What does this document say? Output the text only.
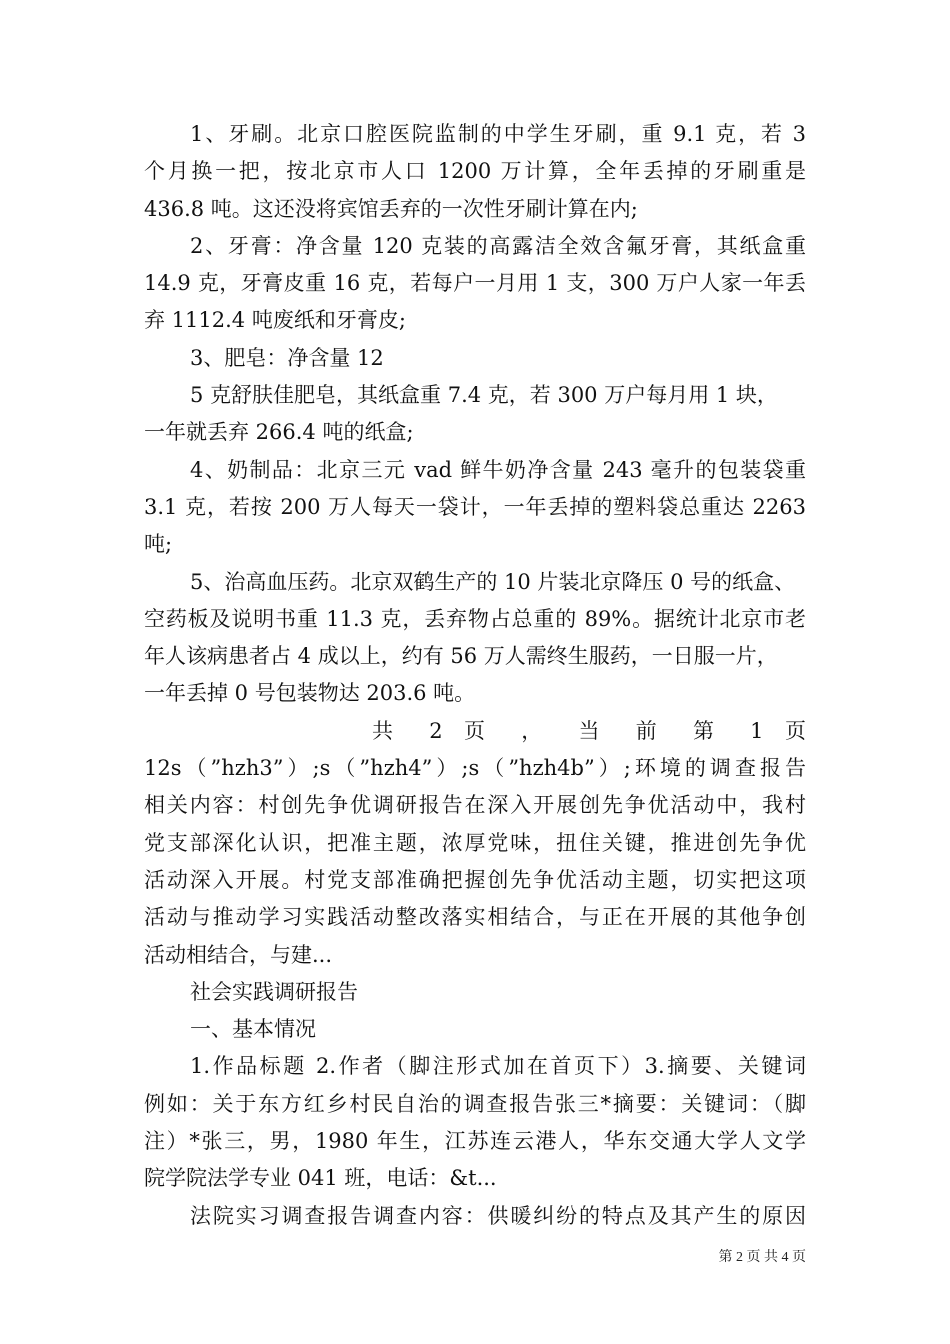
1、牙刷。北京口腔医院监制的中学生牙刷，重 9.1 克，若 3
个月换一把，按北京市人口 1200 万计算，全年丢掉的牙刷重是
436.8 吨。这还没将宾馆丢弃的一次性牙刷计算在内;
2、牙膏：净含量 120 克装的高露洁全效含氟牙膏，其纸盒重
14.9 克，牙膏皮重 16 克，若每户一月用 1 支，300 万户人家一年丢
弃 1112.4 吨废纸和牙膏皮;
3、肥皂：净含量 12
5 克舒肤佳肥皂，其纸盒重 7.4 克，若 300 万户每月用 1 块，
一年就丢弃 266.4 吨的纸盒;
4、奶制品：北京三元 vad 鲜牛奶净含量 243 毫升的包装袋重
3.1 克，若按 200 万人每天一袋计，一年丢掉的塑料袋总重达 2263
吨;
5、治高血压药。北京双鹤生产的 10 片装北京降压 0 号的纸盒、
空药板及说明书重 11.3 克，丢弃物占总重的 89%。据统计北京市老
年人该病患者占 4 成以上，约有 56 万人需终生服药，一日服一片，
一年丢掉 0 号包装物达 203.6 吨。
共 2 页 ， 当 前 第 1 页
12s（”hzh3”）;s（”hzh4”）;s（”hzh4b”）;环境的调查报告
相关内容：村创先争优调研报告在深入开展创先争优活动中，我村
党支部深化认识，把准主题，浓厚党味，扭住关键，推进创先争优
活动深入开展。村党支部准确把握创先争优活动主题，切实把这项
活动与推动学习实践活动整改落实相结合，与正在开展的其他争创
活动相结合，与建...
社会实践调研报告
一、基本情况
1.作品标题 2.作者（脚注形式加在首页下）3.摘要、关键词
例如：关于东方红乡村民自治的调查报告张三*摘要：关键词：（脚
注）*张三，男，1980 年生，江苏连云港人，华东交通大学人文学
院学院法学专业 041 班，电话：&t...
法院实习调查报告调查内容：供暖纠纷的特点及其产生的原因
第 2 页 共 4 页
